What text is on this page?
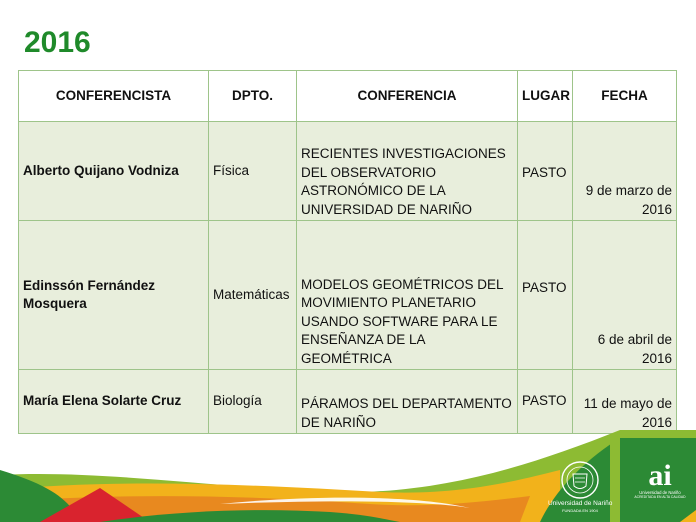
2016
CONFERENCISTA	DPTO.	CONFERENCIA	LUGAR	FECHA
Alberto Quijano Vodniza	Física	RECIENTES INVESTIGACIONES DEL OBSERVATORIO ASTRONÓMICO DE LA UNIVERSIDAD DE NARIÑO	PASTO	9 de marzo de 2016
Edinssón Fernández Mosquera	Matemáticas	MODELOS GEOMÉTRICOS DEL MOVIMIENTO PLANETARIO USANDO SOFTWARE PARA LE ENSEÑANZA DE LA GEOMÉTRICA	PASTO	6 de abril de 2016
María Elena Solarte Cruz	Biología	PÁRAMOS DEL DEPARTAMENTO DE NARIÑO	PASTO	11 de mayo de 2016
Universidad de Nariño
FUNDADA EN 1904
ai
Universidad de Nariño
ACREDITADA EN ALTA CALIDAD
